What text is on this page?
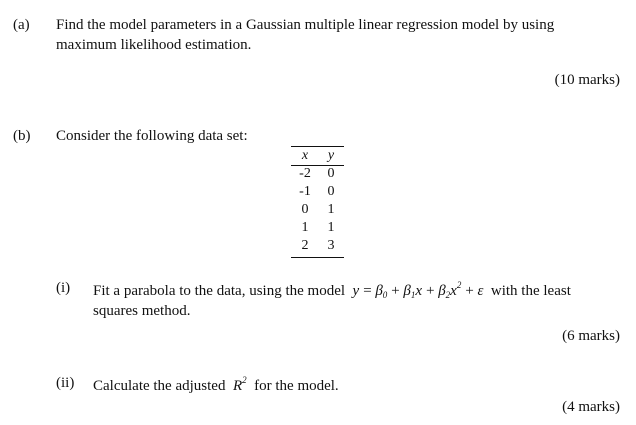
(a) Find the model parameters in a Gaussian multiple linear regression model by using
maximum likelihood estimation.
(10 marks)
(b) Consider the following data set:
x y
-2 0
-1 0
0 1
1 1
2 3
(i) Fit a parabola to the data, using the model  $y = \beta_0 + \beta_1x + \beta_2x^2 + \varepsilon$  with the least
squares method.
(6 marks)
(ii) Calculate the adjusted  $R^2$ for the model.
(4 marks)
